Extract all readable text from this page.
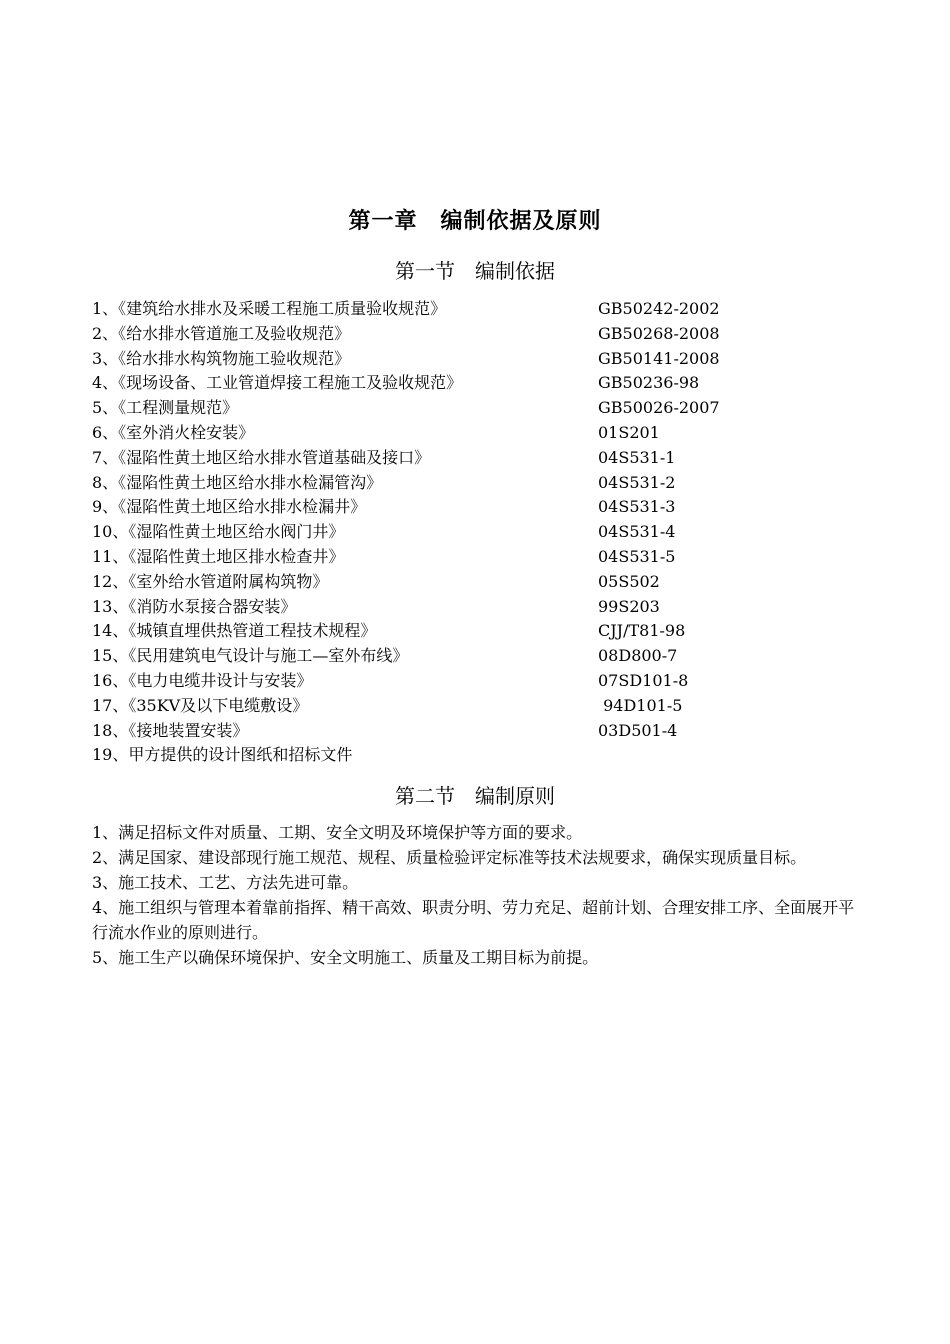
第一章　编制依据及原则
第一节　编制依据
1、《建筑给水排水及采暖工程施工质量验收规范》	GB50242-2002
2、《给水排水管道施工及验收规范》	GB50268-2008
3、《给水排水构筑物施工验收规范》	GB50141-2008
4、《现场设备、工业管道焊接工程施工及验收规范》	GB50236-98
5、《工程测量规范》	GB50026-2007
6、《室外消火栓安装》	01S201
7、《湿陷性黄土地区给水排水管道基础及接口》	04S531-1
8、《湿陷性黄土地区给水排水检漏管沟》	04S531-2
9、《湿陷性黄土地区给水排水检漏井》	04S531-3
10、《湿陷性黄土地区给水阀门井》	04S531-4
11、《湿陷性黄土地区排水检查井》	04S531-5
12、《室外给水管道附属构筑物》	05S502
13、《消防水泵接合器安装》	99S203
14、《城镇直埋供热管道工程技术规程》	CJJ/T81-98
15、《民用建筑电气设计与施工—室外布线》	08D800-7
16、《电力电缆井设计与安装》	07SD101-8
17、《35KV及以下电缆敷设》	94D101-5
18、《接地装置安装》	03D501-4
19、甲方提供的设计图纸和招标文件
第二节　编制原则
1、满足招标文件对质量、工期、安全文明及环境保护等方面的要求。
2、满足国家、建设部现行施工规范、规程、质量检验评定标准等技术法规要求，确保实现质量目标。
3、施工技术、工艺、方法先进可靠。
4、施工组织与管理本着靠前指挥、精干高效、职责分明、劳力充足、超前计划、合理安排工序、全面展开平行流水作业的原则进行。
5、施工生产以确保环境保护、安全文明施工、质量及工期目标为前提。
